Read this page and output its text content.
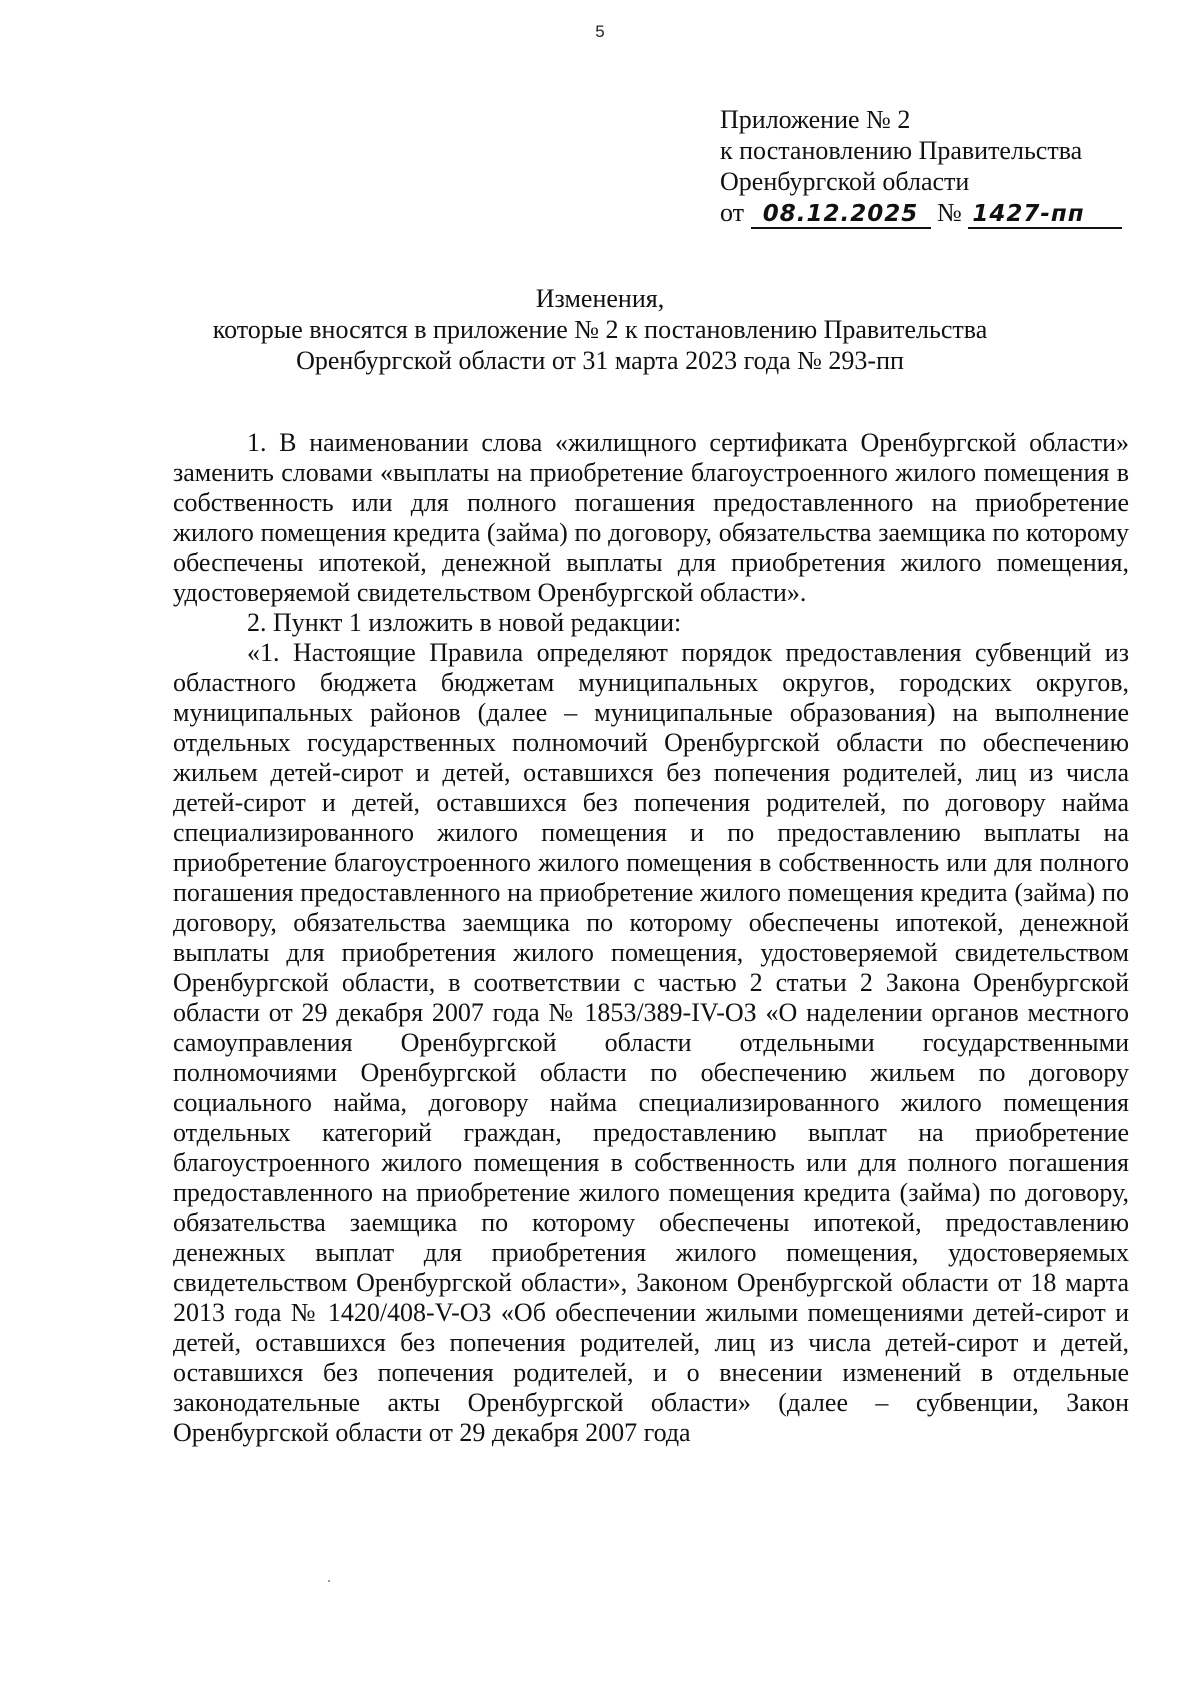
5
Приложение № 2
к постановлению Правительства
Оренбургской области
от 08.12.2025 № 1427-пп
Изменения,
которые вносятся в приложение № 2 к постановлению Правительства
Оренбургской области от 31 марта 2023 года № 293-пп

1. В наименовании слова «жилищного сертификата Оренбургской области» заменить словами «выплаты на приобретение благоустроенного жилого помещения в собственность или для полного погашения предоставленного на приобретение жилого помещения кредита (займа) по договору, обязательства заемщика по которому обеспечены ипотекой, денежной выплаты для приобретения жилого помещения, удостоверяемой свидетельством Оренбургской области».

2. Пункт 1 изложить в новой редакции:

«1. Настоящие Правила определяют порядок предоставления субвенций из областного бюджета бюджетам муниципальных округов, городских округов, муниципальных районов (далее – муниципальные образования) на выполнение отдельных государственных полномочий Оренбургской области по обеспечению жильем детей-сирот и детей, оставшихся без попечения родителей, лиц из числа детей-сирот и детей, оставшихся без попечения родителей, по договору найма специализированного жилого помещения и по предоставлению выплаты на приобретение благоустроенного жилого помещения в собственность или для полного погашения предоставленного на приобретение жилого помещения кредита (займа) по договору, обязательства заемщика по которому обеспечены ипотекой, денежной выплаты для приобретения жилого помещения, удостоверяемой свидетельством Оренбургской области, в соответствии с частью 2 статьи 2 Закона Оренбургской области от 29 декабря 2007 года № 1853/389-IV-ОЗ «О наделении органов местного самоуправления Оренбургской области отдельными государственными полномочиями Оренбургской области по обеспечению жильем по договору социального найма, договору найма специализированного жилого помещения отдельных категорий граждан, предоставлению выплат на приобретение благоустроенного жилого помещения в собственность или для полного погашения предоставленного на приобретение жилого помещения кредита (займа) по договору, обязательства заемщика по которому обеспечены ипотекой, предоставлению денежных выплат для приобретения жилого помещения, удостоверяемых свидетельством Оренбургской области», Законом Оренбургской области от 18 марта 2013 года № 1420/408-V-ОЗ «Об обеспечении жилыми помещениями детей-сирот и детей, оставшихся без попечения родителей, лиц из числа детей-сирот и детей, оставшихся без попечения родителей, и о внесении изменений в отдельные законодательные акты Оренбургской области» (далее – субвенции, Закон Оренбургской области от 29 декабря 2007 года
